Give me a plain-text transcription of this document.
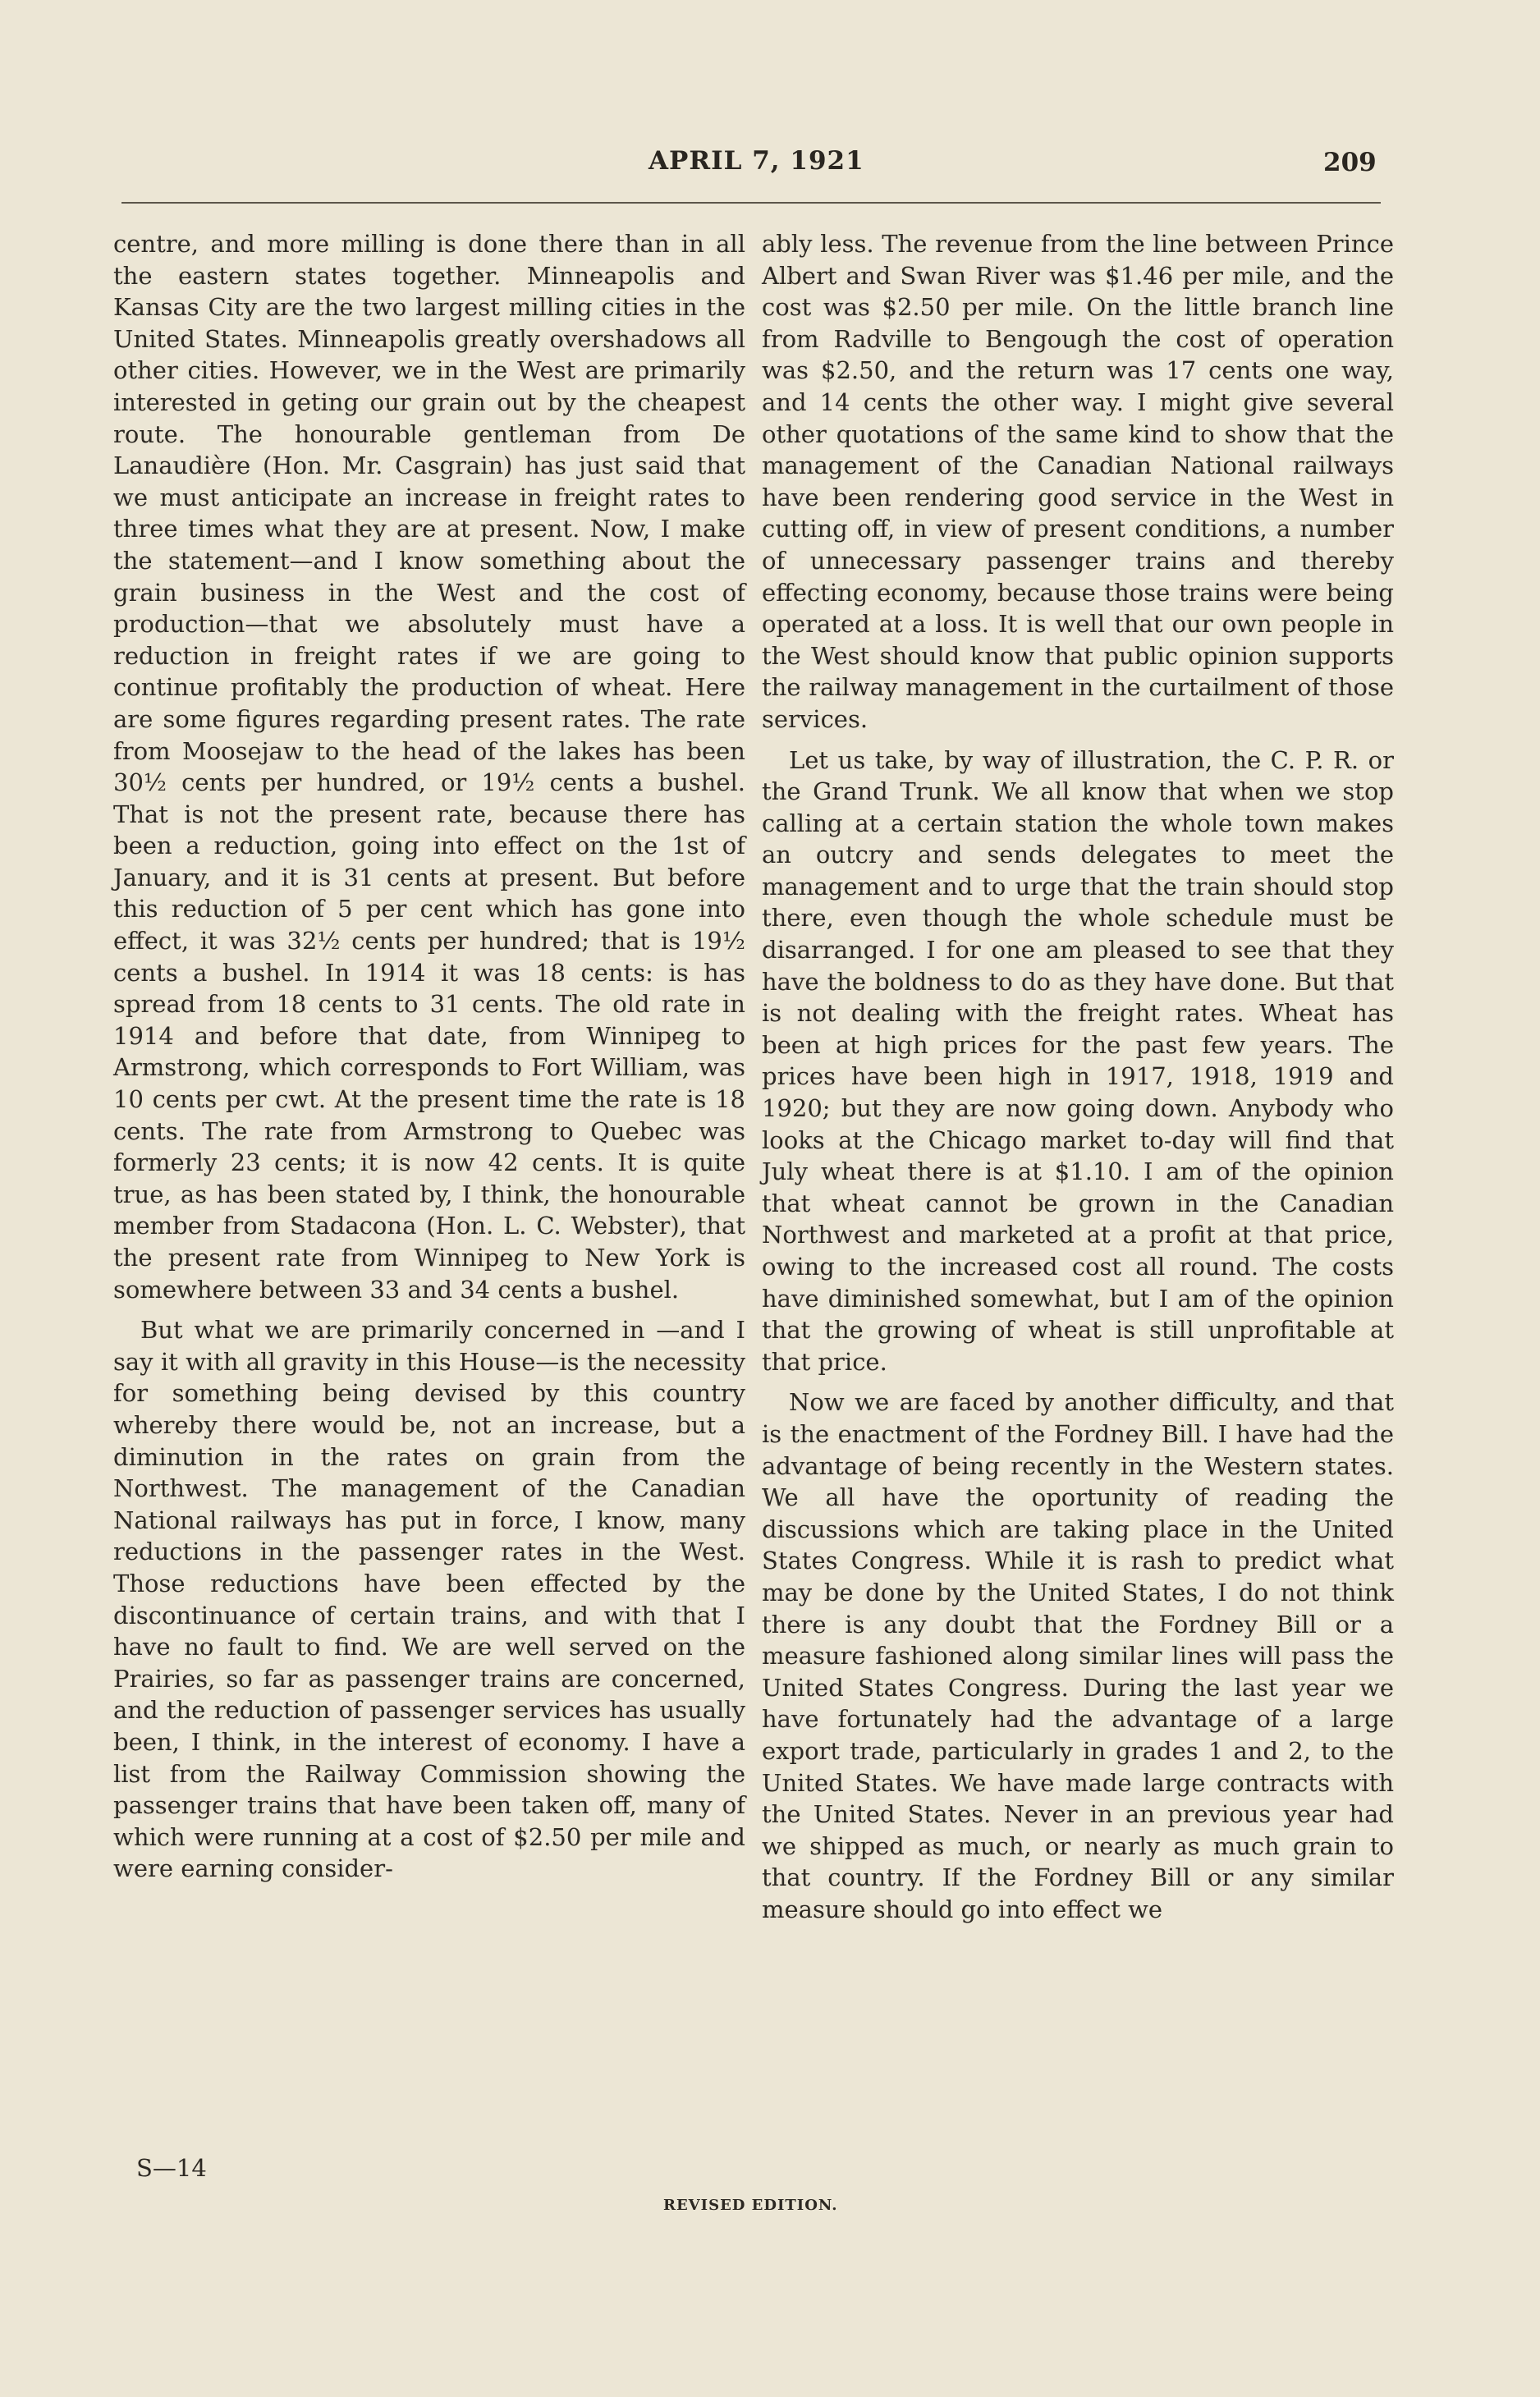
APRIL 7, 1921	209

centre, and more milling is done there than in all the eastern states together. Minneapolis and Kansas City are the two largest milling cities in the United States. Minneapolis greatly overshadows all other cities. However, we in the West are primarily interested in geting our grain out by the cheapest route. The honourable gentleman from De Lanaudière (Hon. Mr. Casgrain) has just said that we must anticipate an increase in freight rates to three times what they are at present. Now, I make the statement—and I know something about the grain business in the West and the cost of production—that we absolutely must have a reduction in freight rates if we are going to continue profitably the production of wheat. Here are some figures regarding present rates. The rate from Moosejaw to the head of the lakes has been 30½ cents per hundred, or 19½ cents a bushel. That is not the present rate, because there has been a reduction, going into effect on the 1st of January, and it is 31 cents at present. But before this reduction of 5 per cent which has gone into effect, it was 32½ cents per hundred; that is 19½ cents a bushel. In 1914 it was 18 cents: is has spread from 18 cents to 31 cents. The old rate in 1914 and before that date, from Winnipeg to Armstrong, which corresponds to Fort William, was 10 cents per cwt. At the present time the rate is 18 cents. The rate from Armstrong to Quebec was formerly 23 cents; it is now 42 cents. It is quite true, as has been stated by, I think, the honourable member from Stadacona (Hon. L. C. Webster), that the present rate from Winnipeg to New York is somewhere between 33 and 34 cents a bushel.

But what we are primarily concerned in —and I say it with all gravity in this House—is the necessity for something being devised by this country whereby there would be, not an increase, but a diminution in the rates on grain from the Northwest. The management of the Canadian National railways has put in force, I know, many reductions in the passenger rates in the West. Those reductions have been effected by the discontinuance of certain trains, and with that I have no fault to find. We are well served on the Prairies, so far as passenger trains are concerned, and the reduction of passenger services has usually been, I think, in the interest of economy. I have a list from the Railway Commission showing the passenger trains that have been taken off, many of which were running at a cost of $2.50 per mile and were earning consider-

ably less. The revenue from the line between Prince Albert and Swan River was $1.46 per mile, and the cost was $2.50 per mile. On the little branch line from Radville to Bengough the cost of operation was $2.50, and the return was 17 cents one way, and 14 cents the other way. I might give several other quotations of the same kind to show that the management of the Canadian National railways have been rendering good service in the West in cutting off, in view of present conditions, a number of unnecessary passenger trains and thereby effecting economy, because those trains were being operated at a loss. It is well that our own people in the West should know that public opinion supports the railway management in the curtailment of those services.

Let us take, by way of illustration, the C. P. R. or the Grand Trunk. We all know that when we stop calling at a certain station the whole town makes an outcry and sends delegates to meet the management and to urge that the train should stop there, even though the whole schedule must be disarranged. I for one am pleased to see that they have the boldness to do as they have done. But that is not dealing with the freight rates. Wheat has been at high prices for the past few years. The prices have been high in 1917, 1918, 1919 and 1920; but they are now going down. Anybody who looks at the Chicago market to-day will find that July wheat there is at $1.10. I am of the opinion that wheat cannot be grown in the Canadian Northwest and marketed at a profit at that price, owing to the increased cost all round. The costs have diminished somewhat, but I am of the opinion that the growing of wheat is still unprofitable at that price.

Now we are faced by another difficulty, and that is the enactment of the Fordney Bill. I have had the advantage of being recently in the Western states. We all have the oportunity of reading the discussions which are taking place in the United States Congress. While it is rash to predict what may be done by the United States, I do not think there is any doubt that the Fordney Bill or a measure fashioned along similar lines will pass the United States Congress. During the last year we have fortunately had the advantage of a large export trade, particularly in grades 1 and 2, to the United States. We have made large contracts with the United States. Never in an previous year had we shipped as much, or nearly as much grain to that country. If the Fordney Bill or any similar measure should go into effect we

S—14
REVISED EDITION.
